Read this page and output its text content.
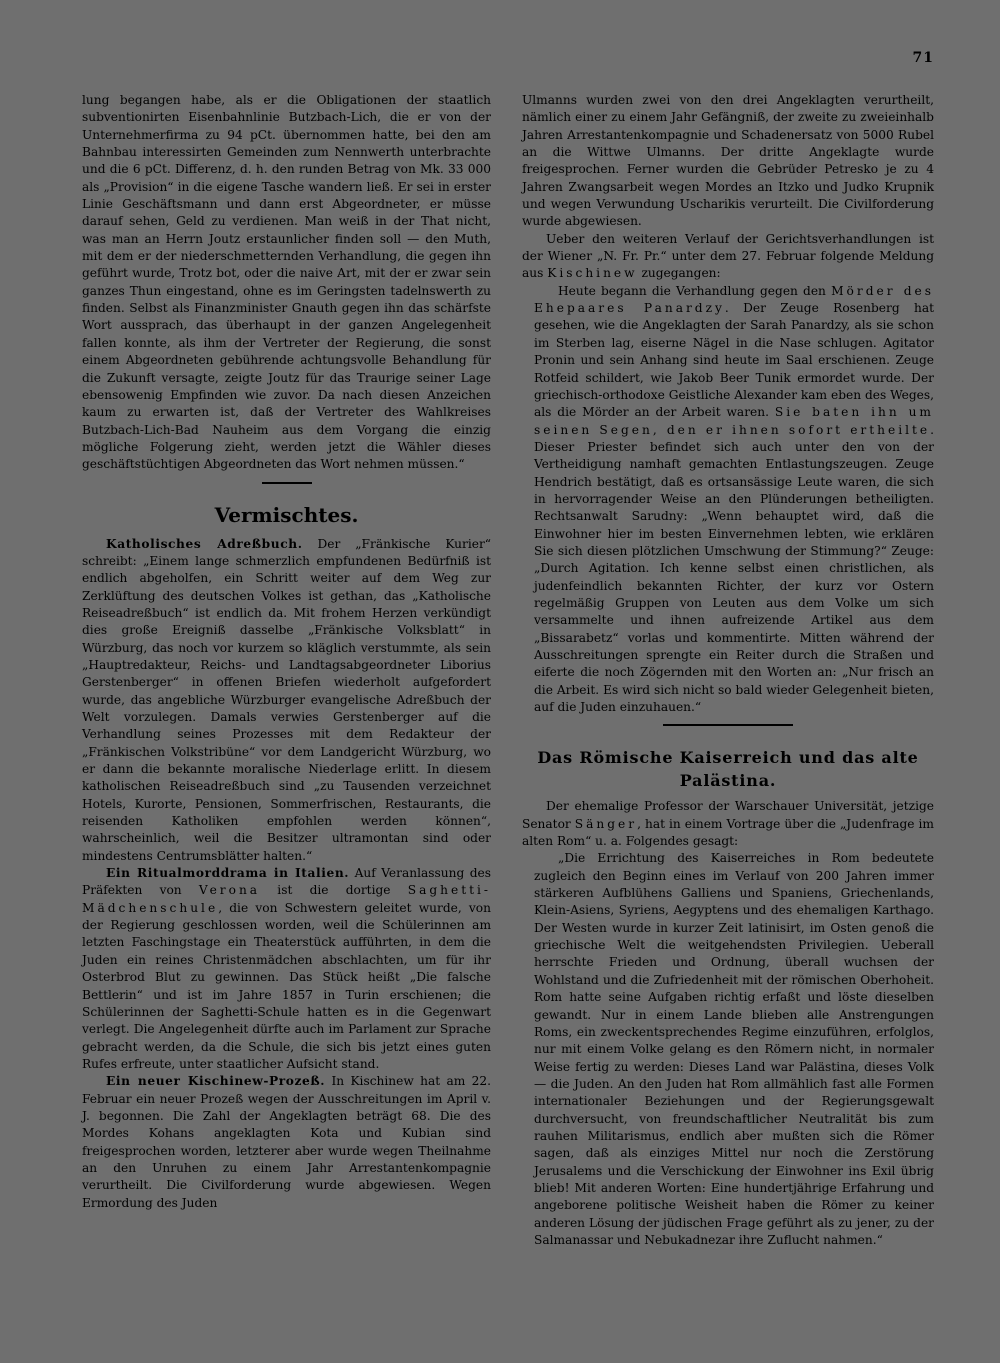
71

lung begangen habe, als er die Obligationen der staatlich subventionirten Eisenbahnlinie Butzbach-Lich, die er von der Unternehmerfirma zu 94 pCt. übernommen hatte, bei den am Bahnbau interessirten Gemeinden zum Nennwerth unterbrachte und die 6 pCt. Differenz, d. h. den runden Betrag von Mk. 33 000 als „Provision“ in die eigene Tasche wandern ließ. Er sei in erster Linie Geschäftsmann und dann erst Abgeordneter, er müsse darauf sehen, Geld zu verdienen. Man weiß in der That nicht, was man an Herrn Joutz erstaunlicher finden soll — den Muth, mit dem er der niederschmetternden Verhandlung, die gegen ihn geführt wurde, Trotz bot, oder die naive Art, mit der er zwar sein ganzes Thun eingestand, ohne es im Geringsten tadelnswerth zu finden. Selbst als Finanzminister Gnauth gegen ihn das schärfste Wort aussprach, das überhaupt in der ganzen Angelegenheit fallen konnte, als ihm der Vertreter der Regierung, die sonst einem Abgeordneten gebührende achtungsvolle Behandlung für die Zukunft versagte, zeigte Joutz für das Traurige seiner Lage ebensowenig Empfinden wie zuvor. Da nach diesen Anzeichen kaum zu erwarten ist, daß der Vertreter des Wahlkreises Butzbach-Lich-Bad Nauheim aus dem Vorgang die einzig mögliche Folgerung zieht, werden jetzt die Wähler dieses geschäftstüchtigen Abgeordneten das Wort nehmen müssen.“

Vermischtes.

Katholisches Adreßbuch. Der „Fränkische Kurier“ schreibt: „Einem lange schmerzlich empfundenen Bedürfniß ist endlich abgeholfen, ein Schritt weiter auf dem Weg zur Zerklüftung des deutschen Volkes ist gethan, das „Katholische Reiseadreßbuch“ ist endlich da. Mit frohem Herzen verkündigt dies große Ereigniß dasselbe „Fränkische Volksblatt“ in Würzburg, das noch vor kurzem so kläglich verstummte, als sein „Hauptredakteur, Reichs- und Landtagsabgeordneter Liborius Gerstenberger“ in offenen Briefen wiederholt aufgefordert wurde, das angebliche Würzburger evangelische Adreßbuch der Welt vorzulegen. Damals verwies Gerstenberger auf die Verhandlung seines Prozesses mit dem Redakteur der „Fränkischen Volkstribüne“ vor dem Landgericht Würzburg, wo er dann die bekannte moralische Niederlage erlitt. In diesem katholischen Reiseadreßbuch sind „zu Tausenden verzeichnet Hotels, Kurorte, Pensionen, Sommerfrischen, Restaurants, die reisenden Katholiken empfohlen werden können“, wahrscheinlich, weil die Besitzer ultramontan sind oder mindestens Centrumsblätter halten.“

Ein Ritualmorddrama in Italien. Auf Veranlassung des Präfekten von Verona ist die dortige Saghetti-Mädchenschule, die von Schwestern geleitet wurde, von der Regierung geschlossen worden, weil die Schülerinnen am letzten Faschingstage ein Theaterstück aufführten, in dem die Juden ein reines Christenmädchen abschlachten, um für ihr Osterbrod Blut zu gewinnen. Das Stück heißt „Die falsche Bettlerin“ und ist im Jahre 1857 in Turin erschienen; die Schülerinnen der Saghetti-Schule hatten es in die Gegenwart verlegt. Die Angelegenheit dürfte auch im Parlament zur Sprache gebracht werden, da die Schule, die sich bis jetzt eines guten Rufes erfreute, unter staatlicher Aufsicht stand.

Ein neuer Kischinew-Prozeß. In Kischinew hat am 22. Februar ein neuer Prozeß wegen der Ausschreitungen im April v. J. begonnen. Die Zahl der Angeklagten beträgt 68. Die des Mordes Kohans angeklagten Kota und Kubian sind freigesprochen worden, letzterer aber wurde wegen Theilnahme an den Unruhen zu einem Jahr Arrestantenkompagnie verurtheilt. Die Civilforderung wurde abgewiesen. Wegen Ermordung des Juden

Ulmanns wurden zwei von den drei Angeklagten verurtheilt, nämlich einer zu einem Jahr Gefängniß, der zweite zu zweieinhalb Jahren Arrestantenkompagnie und Schadenersatz von 5000 Rubel an die Wittwe Ulmanns. Der dritte Angeklagte wurde freigesprochen. Ferner wurden die Gebrüder Petresko je zu 4 Jahren Zwangsarbeit wegen Mordes an Itzko und Judko Krupnik und wegen Verwundung Uscharikis verurteilt. Die Civilforderung wurde abgewiesen.

Ueber den weiteren Verlauf der Gerichtsverhandlungen ist der Wiener „N. Fr. Pr.“ unter dem 27. Februar folgende Meldung aus Kischinew zugegangen:

Heute begann die Verhandlung gegen den Mörder des Ehepaares Panardzy. Der Zeuge Rosenberg hat gesehen, wie die Angeklagten der Sarah Panardzy, als sie schon im Sterben lag, eiserne Nägel in die Nase schlugen. Agitator Pronin und sein Anhang sind heute im Saal erschienen. Zeuge Rotfeid schildert, wie Jakob Beer Tunik ermordet wurde. Der griechisch-orthodoxe Geistliche Alexander kam eben des Weges, als die Mörder an der Arbeit waren. Sie baten ihn um seinen Segen, den er ihnen sofort ertheilte. Dieser Priester befindet sich auch unter den von der Vertheidigung namhaft gemachten Entlastungszeugen. Zeuge Hendrich bestätigt, daß es ortsansässige Leute waren, die sich in hervorragender Weise an den Plünderungen betheiligten. Rechtsanwalt Sarudny: „Wenn behauptet wird, daß die Einwohner hier im besten Einvernehmen lebten, wie erklären Sie sich diesen plötzlichen Umschwung der Stimmung?“ Zeuge: „Durch Agitation. Ich kenne selbst einen christlichen, als judenfeindlich bekannten Richter, der kurz vor Ostern regelmäßig Gruppen von Leuten aus dem Volke um sich versammelte und ihnen aufreizende Artikel aus dem „Bissarabetz“ vorlas und kommentirte. Mitten während der Ausschreitungen sprengte ein Reiter durch die Straßen und eiferte die noch Zögernden mit den Worten an: „Nur frisch an die Arbeit. Es wird sich nicht so bald wieder Gelegenheit bieten, auf die Juden einzuhauen.“

Das Römische Kaiserreich und das alte Palästina.

Der ehemalige Professor der Warschauer Universität, jetzige Senator Sänger, hat in einem Vortrage über die „Judenfrage im alten Rom“ u. a. Folgendes gesagt:

„Die Errichtung des Kaiserreiches in Rom bedeutete zugleich den Beginn eines im Verlauf von 200 Jahren immer stärkeren Aufblühens Galliens und Spaniens, Griechenlands, Klein-Asiens, Syriens, Aegyptens und des ehemaligen Karthago. Der Westen wurde in kurzer Zeit latinisirt, im Osten genoß die griechische Welt die weitgehendsten Privilegien. Ueberall herrschte Frieden und Ordnung, überall wuchsen der Wohlstand und die Zufriedenheit mit der römischen Oberhoheit. Rom hatte seine Aufgaben richtig erfaßt und löste dieselben gewandt. Nur in einem Lande blieben alle Anstrengungen Roms, ein zweckentsprechendes Regime einzuführen, erfolglos, nur mit einem Volke gelang es den Römern nicht, in normaler Weise fertig zu werden: Dieses Land war Palästina, dieses Volk — die Juden. An den Juden hat Rom allmählich fast alle Formen internationaler Beziehungen und der Regierungsgewalt durchversucht, von freundschaftlicher Neutralität bis zum rauhen Militarismus, endlich aber mußten sich die Römer sagen, daß als einziges Mittel nur noch die Zerstörung Jerusalems und die Verschickung der Einwohner ins Exil übrig blieb! Mit anderen Worten: Eine hundertjährige Erfahrung und angeborene politische Weisheit haben die Römer zu keiner anderen Lösung der jüdischen Frage geführt als zu jener, zu der Salmanassar und Nebukadnezar ihre Zuflucht nahmen.“
